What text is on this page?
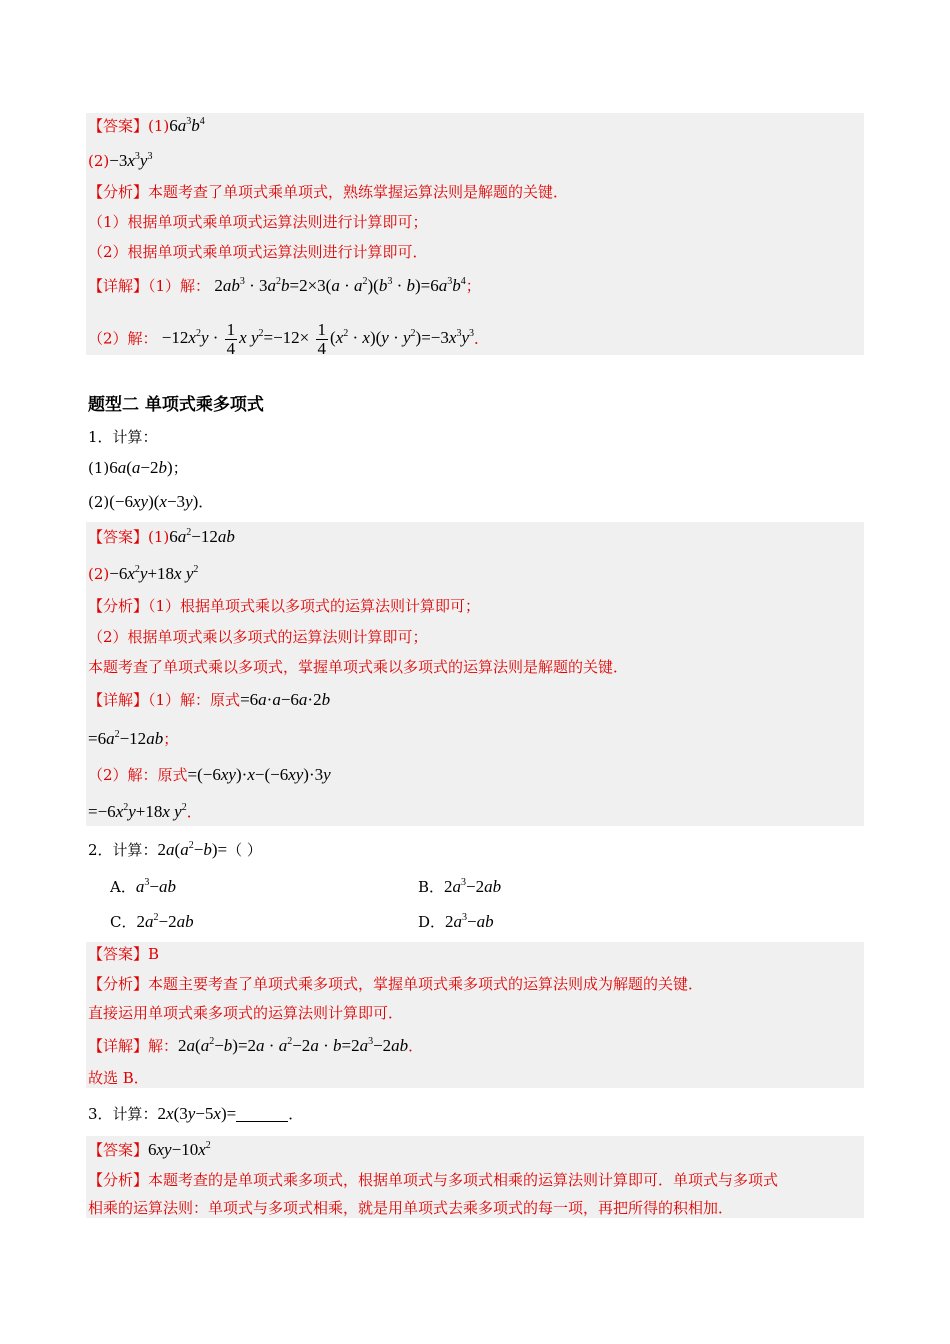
【答案】$(1)6a^3b^4$
$(2)-3x^3y^3$
【分析】本题考查了单项式乘单项式，熟练掌握运算法则是解题的关键．
（1）根据单项式乘单项式运算法则进行计算即可；
（2）根据单项式乘单项式运算法则进行计算即可．
【详解】（1）解： $2ab^3 \cdot 3a^2b=2\times 3(a \cdot a^2)(b^3 \cdot b)=6a^3b^4$；
（2）解： $-12x^2y \cdot \frac{1}{4}$ x $y^2=-12\times \frac{1}{4} (x^2 \cdot x)(y \cdot y^2)=-3x^3y^3$．
题型二 单项式乘多项式
1．计算：
(1)6a(a−2b)；
(2)(−6xy)(x−3y)．
【答案】$(1)6a^2-12ab$
$(2)-6x^2y+18x$ $y^2$
【分析】（1）根据单项式乘以多项式的运算法则计算即可；
（2）根据单项式乘以多项式的运算法则计算即可；
本题考查了单项式乘以多项式，掌握单项式乘以多项式的运算法则是解题的关键．
【详解】（1）解：原式=6a·a−6a·2b
$=6a^2-12ab$；
（2）解：原式=(−6xy)·x−(−6xy)·3y
$=-6x^2y+18x$ $y^2$．
2．计算：$2a(a^2-b)=$（ ）
A．$a^3-ab$	B．$2a^3-2ab$
C．$2a^2-2ab$	D．$2a^3-ab$
【答案】B
【分析】本题主要考查了单项式乘多项式，掌握单项式乘多项式的运算法则成为解题的关键．
直接运用单项式乘多项式的运算法则计算即可．
【详解】解：$2a(a^2-b)=2a \cdot a^2-2a \cdot b=2a^3-2ab$．
故选 B．
3．计算：2x(3y−5x)=	．
【答案】$6xy-10x^2$
【分析】本题考查的是单项式乘多项式，根据单项式与多项式相乘的运算法则计算即可．单项式与多项式
相乘的运算法则：单项式与多项式相乘，就是用单项式去乘多项式的每一项，再把所得的积相加．
